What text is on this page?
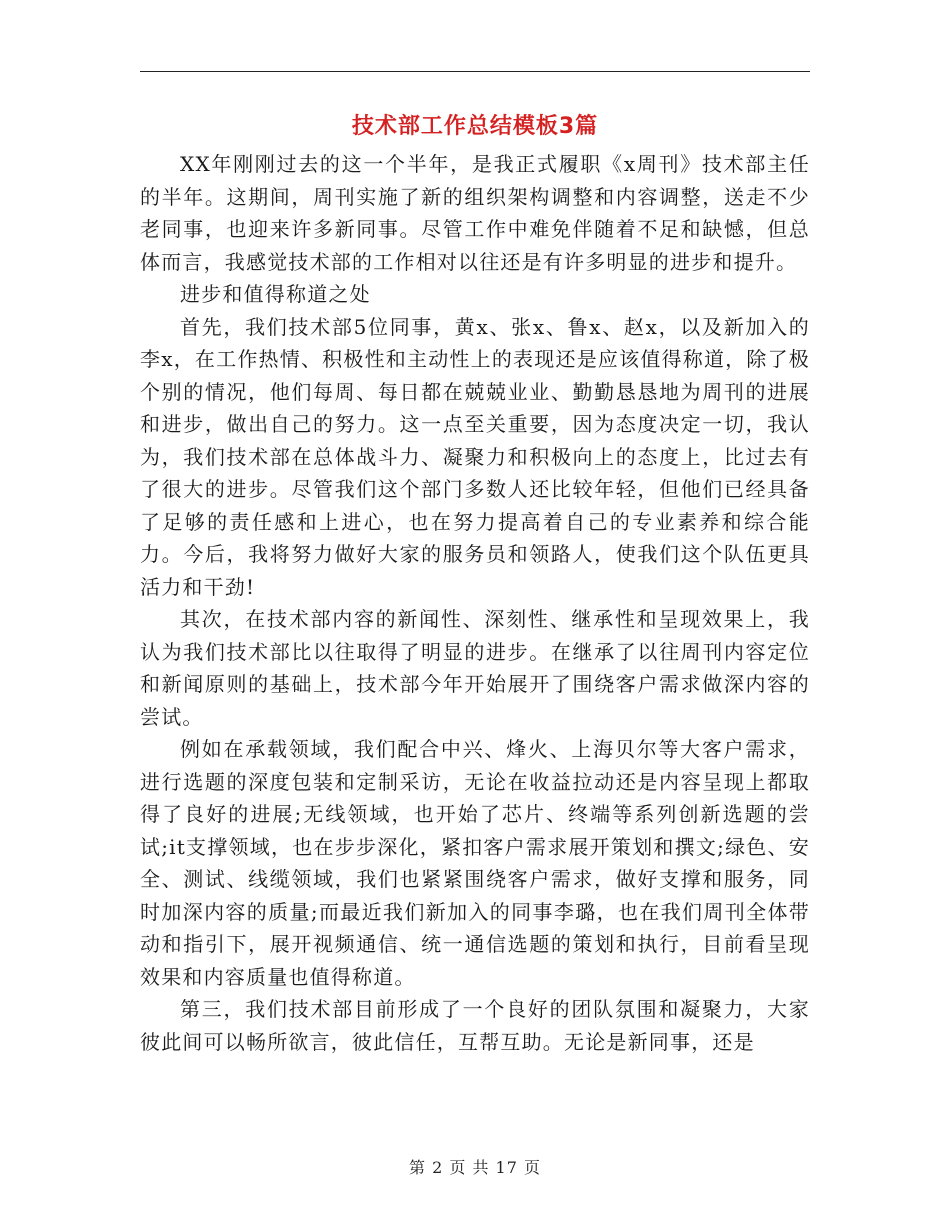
技术部工作总结模板3篇

XX年刚刚过去的这一个半年，是我正式履职《x周刊》技术部主任的半年。这期间，周刊实施了新的组织架构调整和内容调整，送走不少老同事，也迎来许多新同事。尽管工作中难免伴随着不足和缺憾，但总体而言，我感觉技术部的工作相对以往还是有许多明显的进步和提升。

进步和值得称道之处

首先，我们技术部5位同事，黄x、张x、鲁x、赵x，以及新加入的李x，在工作热情、积极性和主动性上的表现还是应该值得称道，除了极个别的情况，他们每周、每日都在兢兢业业、勤勤恳恳地为周刊的进展和进步，做出自己的努力。这一点至关重要，因为态度决定一切，我认为，我们技术部在总体战斗力、凝聚力和积极向上的态度上，比过去有了很大的进步。尽管我们这个部门多数人还比较年轻，但他们已经具备了足够的责任感和上进心，也在努力提高着自己的专业素养和综合能力。今后，我将努力做好大家的服务员和领路人，使我们这个队伍更具活力和干劲!

其次，在技术部内容的新闻性、深刻性、继承性和呈现效果上，我认为我们技术部比以往取得了明显的进步。在继承了以往周刊内容定位和新闻原则的基础上，技术部今年开始展开了围绕客户需求做深内容的尝试。

例如在承载领域，我们配合中兴、烽火、上海贝尔等大客户需求，进行选题的深度包装和定制采访，无论在收益拉动还是内容呈现上都取得了良好的进展;无线领域，也开始了芯片、终端等系列创新选题的尝试;it支撑领域，也在步步深化，紧扣客户需求展开策划和撰文;绿色、安全、测试、线缆领域，我们也紧紧围绕客户需求，做好支撑和服务，同时加深内容的质量;而最近我们新加入的同事李璐，也在我们周刊全体带动和指引下，展开视频通信、统一通信选题的策划和执行，目前看呈现效果和内容质量也值得称道。

第三，我们技术部目前形成了一个良好的团队氛围和凝聚力，大家彼此间可以畅所欲言，彼此信任，互帮互助。无论是新同事，还是

第 2 页 共 17 页
